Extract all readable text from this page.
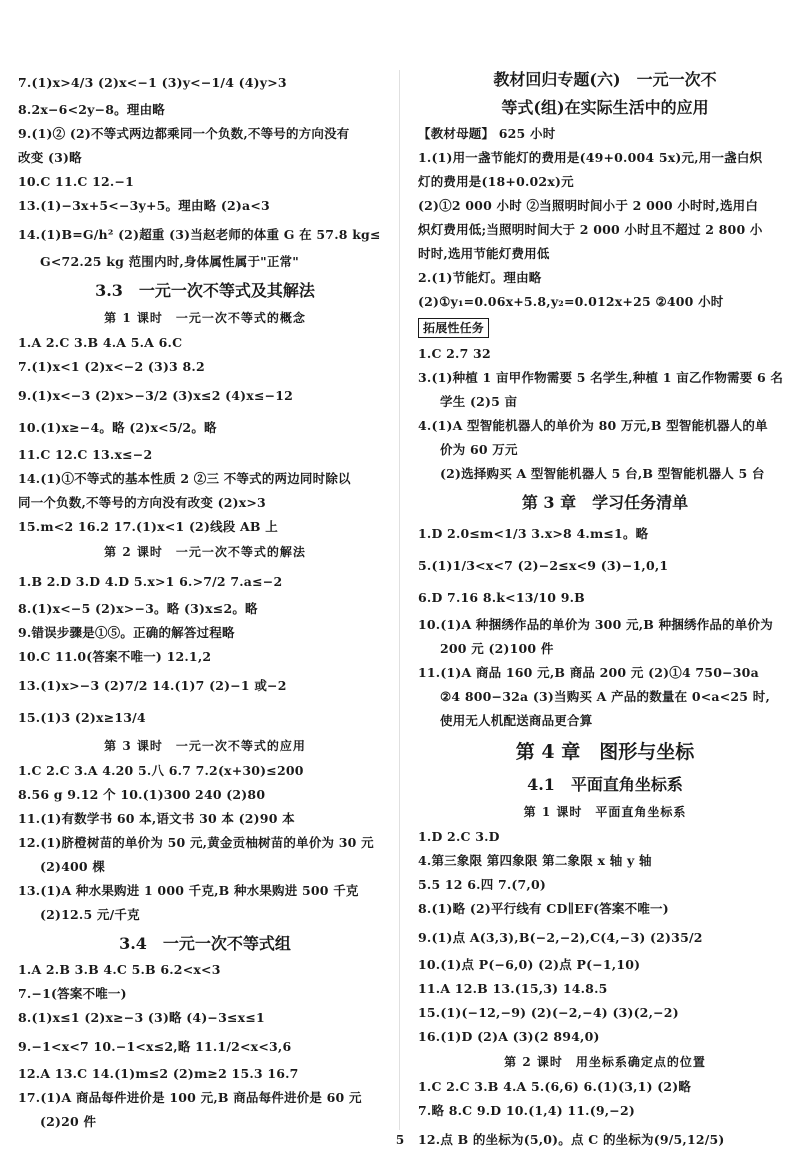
7.(1)x>4/3 (2)x<−1 (3)y<−1/4 (4)y>3
8.2x−6<2y−8。理由略
9.(1)② (2)不等式两边都乘同一个负数,不等号的方向没有
改变 (3)略
10.C 11.C 12.−1
13.(1)−3x+5<−3y+5。理由略 (2)a<3
14.(1)B=G/h² (2)超重 (3)当赵老师的体重 G 在 57.8 kg≤
G<72.25 kg 范围内时,身体属性属于"正常"
3.3　一元一次不等式及其解法
第 1 课时　一元一次不等式的概念
1.A 2.C 3.B 4.A 5.A 6.C
7.(1)x<1 (2)x<−2 (3)3 8.2
9.(1)x<−3 (2)x>−3/2 (3)x≤2 (4)x≤−12
10.(1)x≥−4。略 (2)x<5/2。略
11.C 12.C 13.x≤−2
14.(1)①不等式的基本性质 2 ②三 不等式的两边同时除以
同一个负数,不等号的方向没有改变 (2)x>3
15.m<2 16.2 17.(1)x<1 (2)线段 AB 上
第 2 课时　一元一次不等式的解法
1.B 2.D 3.D 4.D 5.x>1 6.>7/2 7.a≤−2
8.(1)x<−5 (2)x>−3。略 (3)x≤2。略
9.错误步骤是①⑤。正确的解答过程略
10.C 11.0(答案不唯一) 12.1,2
13.(1)x>−3 (2)7/2 14.(1)7 (2)−1 或−2
15.(1)3 (2)x≥13/4
第 3 课时　一元一次不等式的应用
1.C 2.C 3.A 4.20 5.八 6.7 7.2(x+30)≤200
8.56 g 9.12 个 10.(1)300 240 (2)80
11.(1)有数学书 60 本,语文书 30 本 (2)90 本
12.(1)脐橙树苗的单价为 50 元,黄金贡柚树苗的单价为 30 元
(2)400 棵
13.(1)A 种水果购进 1 000 千克,B 种水果购进 500 千克
(2)12.5 元/千克
3.4　一元一次不等式组
1.A 2.B 3.B 4.C 5.B 6.2<x<3
7.−1(答案不唯一)
8.(1)x≤1 (2)x≥−3 (3)略 (4)−3≤x≤1
9.−1<x<7 10.−1<x≤2,略 11.1/2<x<3,6
12.A 13.C 14.(1)m≤2 (2)m≥2 15.3 16.7
17.(1)A 商品每件进价是 100 元,B 商品每件进价是 60 元
(2)20 件
教材回归专题(六)　一元一次不
等式(组)在实际生活中的应用
【教材母题】 625 小时
1.(1)用一盏节能灯的费用是(49+0.004 5x)元,用一盏白炽
灯的费用是(18+0.02x)元
(2)①2 000 小时 ②当照明时间小于 2 000 小时时,选用白
炽灯费用低;当照明时间大于 2 000 小时且不超过 2 800 小
时时,选用节能灯费用低
2.(1)节能灯。理由略
(2)①y₁=0.06x+5.8,y₂=0.012x+25 ②400 小时
拓展性任务
1.C 2.7 32
3.(1)种植 1 亩甲作物需要 5 名学生,种植 1 亩乙作物需要 6 名
学生 (2)5 亩
4.(1)A 型智能机器人的单价为 80 万元,B 型智能机器人的单
价为 60 万元
(2)选择购买 A 型智能机器人 5 台,B 型智能机器人 5 台
第 3 章　学习任务清单
1.D 2.0≤m<1/3 3.x>8 4.m≤1。略
5.(1)1/3<x<7 (2)−2≤x<9 (3)−1,0,1
6.D 7.16 8.k<13/10 9.B
10.(1)A 种捆绣作品的单价为 300 元,B 种捆绣作品的单价为
200 元 (2)100 件
11.(1)A 商品 160 元,B 商品 200 元 (2)①4 750−30a
②4 800−32a (3)当购买 A 产品的数量在 0<a<25 时,
使用无人机配送商品更合算
第 4 章　图形与坐标
4.1　平面直角坐标系
第 1 课时　平面直角坐标系
1.D 2.C 3.D
4.第三象限 第四象限 第二象限 x 轴 y 轴
5.5 12 6.四 7.(7,0)
8.(1)略 (2)平行线有 CD∥EF(答案不唯一)
9.(1)点 A(3,3),B(−2,−2),C(4,−3) (2)35/2
10.(1)点 P(−6,0) (2)点 P(−1,10)
11.A 12.B 13.(15,3) 14.8.5
15.(1)(−12,−9) (2)(−2,−4) (3)(2,−2)
16.(1)D (2)A (3)(2 894,0)
第 2 课时　用坐标系确定点的位置
1.C 2.C 3.B 4.A 5.(6,6) 6.(1)(3,1) (2)略
7.略 8.C 9.D 10.(1,4) 11.(9,−2)
12.点 B 的坐标为(5,0)。点 C 的坐标为(9/5,12/5)
5
